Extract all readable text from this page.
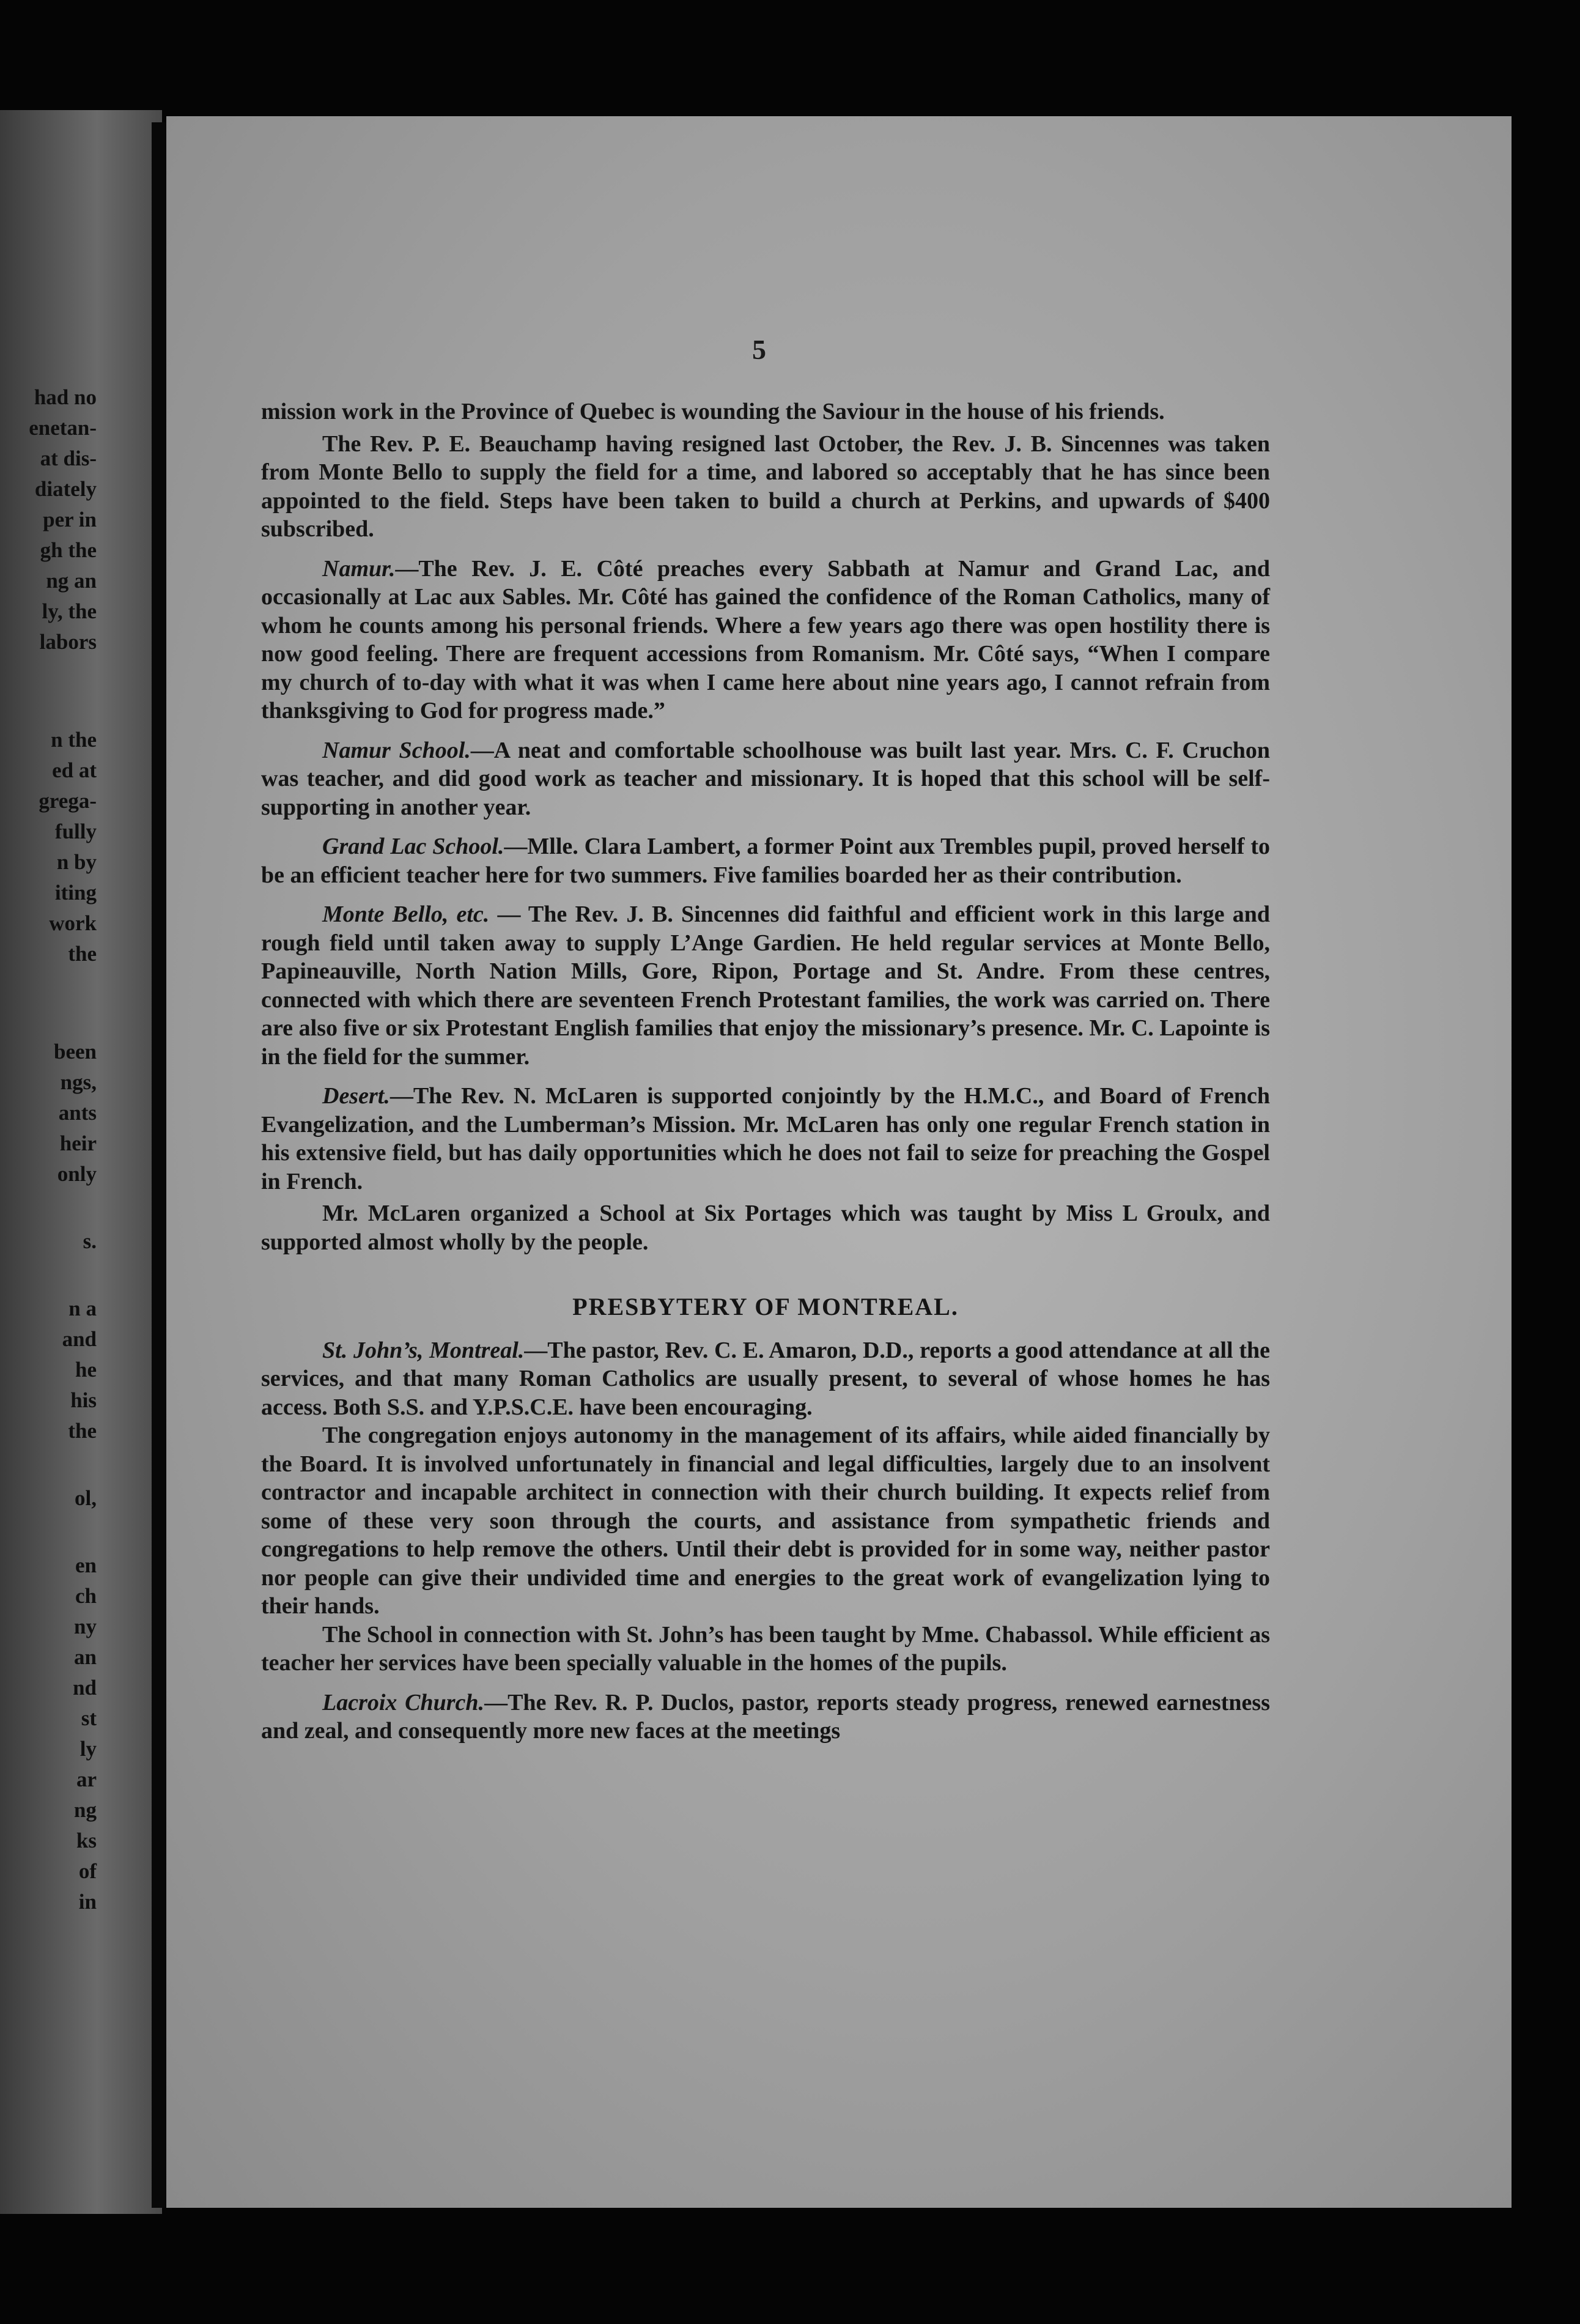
had no
enetan-
at dis-
diately
per in
gh the
ng an
ly, the
labors
n the
ed at
grega-
fully
n by
iting
work
the
been
ngs,
ants
heir
only
s.
n a
and
he
his
the
ol,
en
ch
ny
an
nd
st
ly
ar
ng
ks
of
in
5

mission work in the Province of Quebec is wounding the Saviour in the house of his friends.

The Rev. P. E. Beauchamp having resigned last October, the Rev. J. B. Sincennes was taken from Monte Bello to supply the field for a time, and labored so acceptably that he has since been appointed to the field. Steps have been taken to build a church at Perkins, and upwards of $400 subscribed.

Namur.—The Rev. J. E. Côté preaches every Sabbath at Namur and Grand Lac, and occasionally at Lac aux Sables. Mr. Côté has gained the confidence of the Roman Catholics, many of whom he counts among his personal friends. Where a few years ago there was open hostility there is now good feeling. There are frequent accessions from Romanism. Mr. Côté says, “When I compare my church of to-day with what it was when I came here about nine years ago, I cannot refrain from thanksgiving to God for progress made.”

Namur School.—A neat and comfortable schoolhouse was built last year. Mrs. C. F. Cruchon was teacher, and did good work as teacher and missionary. It is hoped that this school will be self-supporting in another year.

Grand Lac School.—Mlle. Clara Lambert, a former Point aux Trembles pupil, proved herself to be an efficient teacher here for two summers. Five families boarded her as their contribution.

Monte Bello, etc. — The Rev. J. B. Sincennes did faithful and efficient work in this large and rough field until taken away to supply L’Ange Gardien. He held regular services at Monte Bello, Papineauville, North Nation Mills, Gore, Ripon, Portage and St. Andre. From these centres, connected with which there are seventeen French Protestant families, the work was carried on. There are also five or six Protestant English families that enjoy the missionary’s presence. Mr. C. Lapointe is in the field for the summer.

Desert.—The Rev. N. McLaren is supported conjointly by the H.M.C., and Board of French Evangelization, and the Lumberman’s Mission. Mr. McLaren has only one regular French station in his extensive field, but has daily opportunities which he does not fail to seize for preaching the Gospel in French.

Mr. McLaren organized a School at Six Portages which was taught by Miss L Groulx, and supported almost wholly by the people.

PRESBYTERY OF MONTREAL.

St. John’s, Montreal.—The pastor, Rev. C. E. Amaron, D.D., reports a good attendance at all the services, and that many Roman Catholics are usually present, to several of whose homes he has access. Both S.S. and Y.P.S.C.E. have been encouraging.

The congregation enjoys autonomy in the management of its affairs, while aided financially by the Board. It is involved unfortunately in financial and legal difficulties, largely due to an insolvent contractor and incapable architect in connection with their church building. It expects relief from some of these very soon through the courts, and assistance from sympathetic friends and congregations to help remove the others. Until their debt is provided for in some way, neither pastor nor people can give their undivided time and energies to the great work of evangelization lying to their hands.

The School in connection with St. John’s has been taught by Mme. Chabassol. While efficient as teacher her services have been specially valuable in the homes of the pupils.

Lacroix Church.—The Rev. R. P. Duclos, pastor, reports steady progress, renewed earnestness and zeal, and consequently more new faces at the meetings
